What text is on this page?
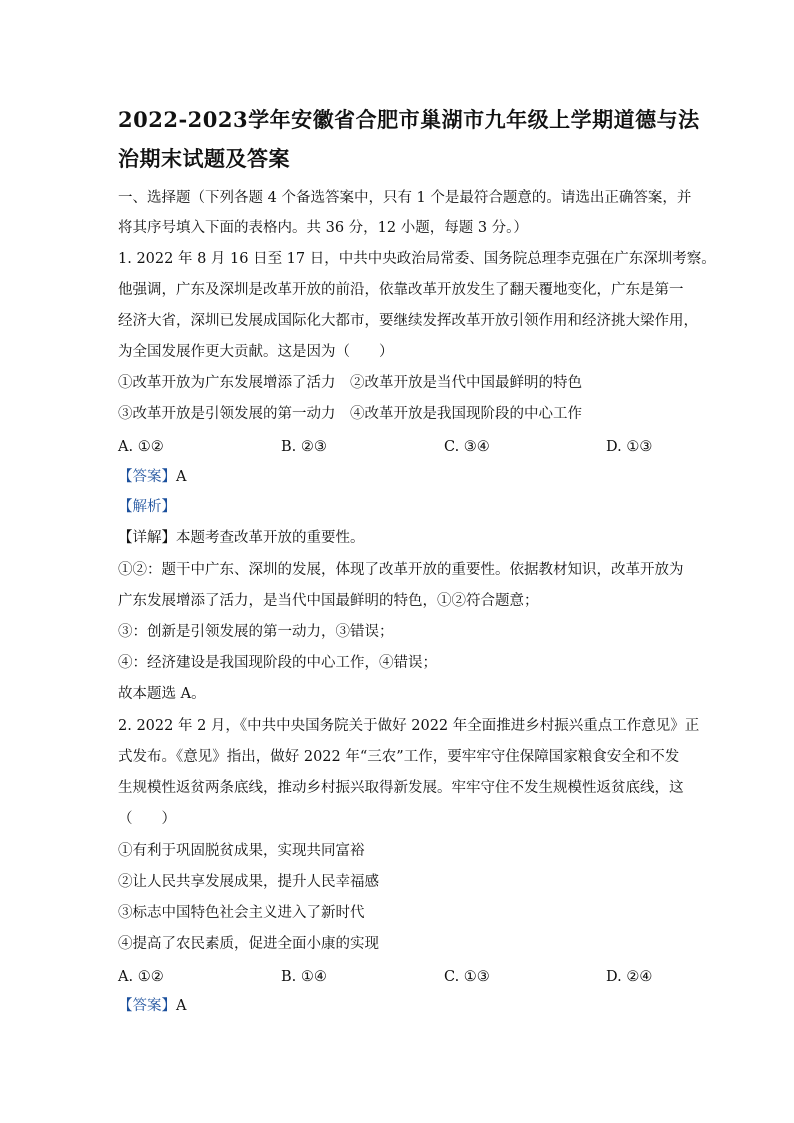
2022-2023学年安徽省合肥市巢湖市九年级上学期道德与法
治期末试题及答案
一、选择题（下列各题 4 个备选答案中，只有 1 个是最符合题意的。请选出正确答案，并
将其序号填入下面的表格内。共 36 分，12 小题，每题 3 分。）
1. 2022 年 8 月 16 日至 17 日，中共中央政治局常委、国务院总理李克强在广东深圳考察。
他强调，广东及深圳是改革开放的前沿，依靠改革开放发生了翻天覆地变化，广东是第一
经济大省，深圳已发展成国际化大都市，要继续发挥改革开放引领作用和经济挑大梁作用，
为全国发展作更大贡献。这是因为（　　）
①改革开放为广东发展增添了活力　②改革开放是当代中国最鲜明的特色
③改革开放是引领发展的第一动力　④改革开放是我国现阶段的中心工作
A. ①②	B. ②③	C. ③④	D. ①③
【答案】A
【解析】
【详解】本题考查改革开放的重要性。
①②：题干中广东、深圳的发展，体现了改革开放的重要性。依据教材知识，改革开放为
广东发展增添了活力，是当代中国最鲜明的特色，①②符合题意；
③：创新是引领发展的第一动力，③错误；
④：经济建设是我国现阶段的中心工作，④错误；
故本题选 A。
2. 2022 年 2 月，《中共中央国务院关于做好 2022 年全面推进乡村振兴重点工作意见》正
式发布。《意见》指出，做好 2022 年“三农”工作，要牢牢守住保障国家粮食安全和不发
生规模性返贫两条底线，推动乡村振兴取得新发展。牢牢守住不发生规模性返贫底线，这
（　　）
①有利于巩固脱贫成果，实现共同富裕
②让人民共享发展成果，提升人民幸福感
③标志中国特色社会主义进入了新时代
④提高了农民素质，促进全面小康的实现
A. ①②	B. ①④	C. ①③	D. ②④
【答案】A
